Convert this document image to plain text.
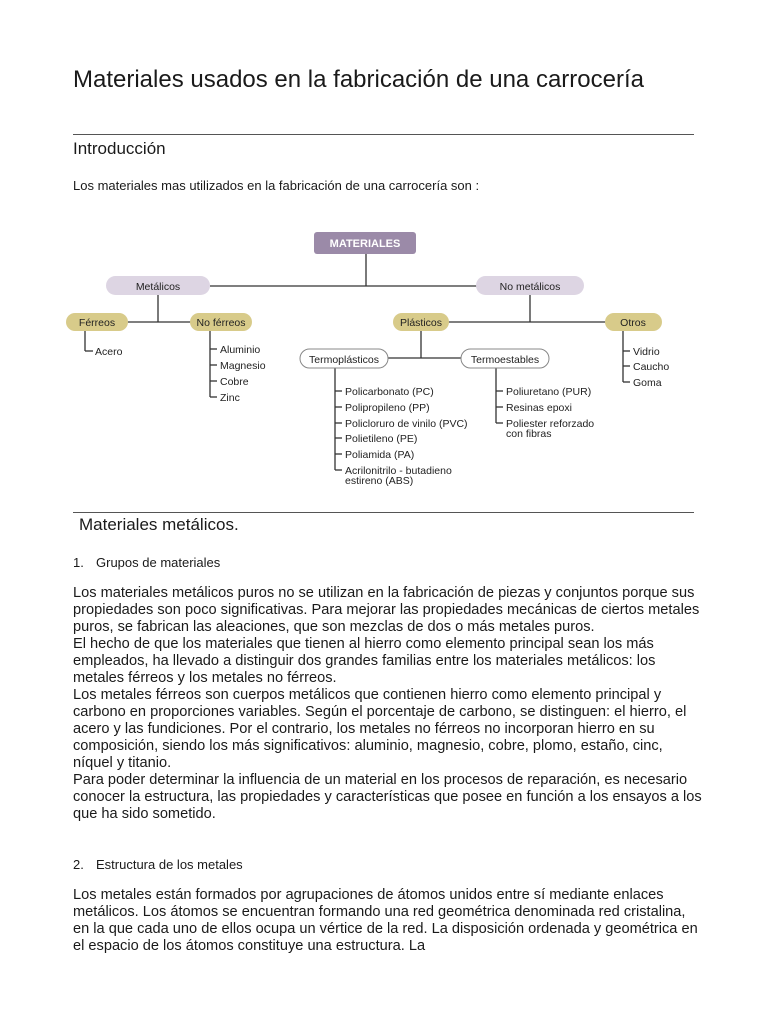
Materiales usados en la fabricación de una carrocería
Introducción

Los materiales mas utilizados en la fabricación de una carrocería son :

MATERIALES
Metálicos	No metálicos
Férreos	No férreos	Plásticos	Otros
Termoplásticos	Termoestables
Acero	Aluminio
Magnesio
Cobre
Zinc	Policarbonato (PC)
Polipropileno (PP)
Policloruro de vinilo (PVC)
Polietileno (PE)
Poliamida (PA)
Acrilonitrilo - butadieno
estireno (ABS)
Poliuretano (PUR)
Resinas epoxi
Poliester reforzado
con fibras
Vidrio
Caucho
Goma
Materiales metálicos.

1. Grupos de materiales

Los materiales metálicos puros no se utilizan en la fabricación de piezas y conjuntos porque sus propiedades son poco significativas. Para mejorar las propiedades mecánicas de ciertos metales puros, se fabrican las aleaciones, que son mezclas de dos o más metales puros.

El hecho de que los materiales que tienen al hierro como elemento principal sean los más empleados, ha llevado a distinguir dos grandes familias entre los materiales metálicos: los metales férreos y los metales no férreos.

Los metales férreos son cuerpos metálicos que contienen hierro como elemento principal y carbono en proporciones variables. Según el porcentaje de carbono, se distinguen: el hierro, el acero y las fundiciones. Por el contrario, los metales no férreos no incorporan hierro en su composición, siendo los más significativos: aluminio, magnesio, cobre, plomo, estaño, cinc, níquel y titanio.

Para poder determinar la influencia de un material en los procesos de reparación, es necesario conocer la estructura, las propiedades y características que posee en función a los ensayos a los que ha sido sometido.

2. Estructura de los metales

Los metales están formados por agrupaciones de átomos unidos entre sí mediante enlaces metálicos. Los átomos se encuentran formando una red geométrica denominada red cristalina, en la que cada uno de ellos ocupa un vértice de la red. La disposición ordenada y geométrica en el espacio de los átomos constituye una estructura. La
